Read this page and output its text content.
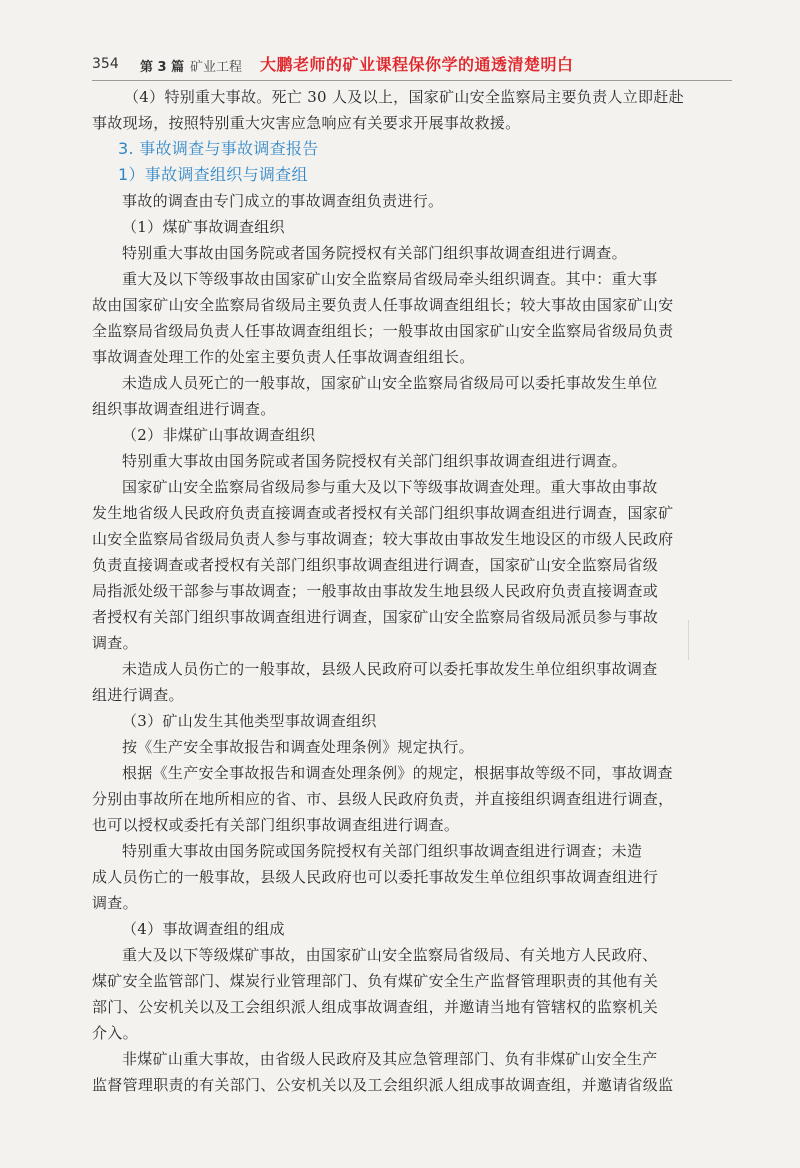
354 第 3 篇 矿业工程 大鹏老师的矿业课程保你学的通透清楚明白
（4）特别重大事故。死亡 30 人及以上，国家矿山安全监察局主要负责人立即赶赴
事故现场，按照特别重大灾害应急响应有关要求开展事故救援。
3. 事故调查与事故调查报告
1）事故调查组织与调查组
事故的调查由专门成立的事故调查组负责进行。
（1）煤矿事故调查组织
特别重大事故由国务院或者国务院授权有关部门组织事故调查组进行调查。
重大及以下等级事故由国家矿山安全监察局省级局牵头组织调查。其中：重大事
故由国家矿山安全监察局省级局主要负责人任事故调查组组长；较大事故由国家矿山安
全监察局省级局负责人任事故调查组组长；一般事故由国家矿山安全监察局省级局负责
事故调查处理工作的处室主要负责人任事故调查组组长。
未造成人员死亡的一般事故，国家矿山安全监察局省级局可以委托事故发生单位
组织事故调查组进行调查。
（2）非煤矿山事故调查组织
特别重大事故由国务院或者国务院授权有关部门组织事故调查组进行调查。
国家矿山安全监察局省级局参与重大及以下等级事故调查处理。重大事故由事故
发生地省级人民政府负责直接调查或者授权有关部门组织事故调查组进行调查，国家矿
山安全监察局省级局负责人参与事故调查；较大事故由事故发生地设区的市级人民政府
负责直接调查或者授权有关部门组织事故调查组进行调查，国家矿山安全监察局省级
局指派处级干部参与事故调查；一般事故由事故发生地县级人民政府负责直接调查或
者授权有关部门组织事故调查组进行调查，国家矿山安全监察局省级局派员参与事故
调查。
未造成人员伤亡的一般事故，县级人民政府可以委托事故发生单位组织事故调查
组进行调查。
（3）矿山发生其他类型事故调查组织
按《生产安全事故报告和调查处理条例》规定执行。
根据《生产安全事故报告和调查处理条例》的规定，根据事故等级不同，事故调查
分别由事故所在地所相应的省、市、县级人民政府负责，并直接组织调查组进行调查，
也可以授权或委托有关部门组织事故调查组进行调查。
特别重大事故由国务院或国务院授权有关部门组织事故调查组进行调查；未造
成人员伤亡的一般事故，县级人民政府也可以委托事故发生单位组织事故调查组进行
调查。
（4）事故调查组的组成
重大及以下等级煤矿事故，由国家矿山安全监察局省级局、有关地方人民政府、
煤矿安全监管部门、煤炭行业管理部门、负有煤矿安全生产监督管理职责的其他有关
部门、公安机关以及工会组织派人组成事故调查组，并邀请当地有管辖权的监察机关
介入。
非煤矿山重大事故，由省级人民政府及其应急管理部门、负有非煤矿山安全生产
监督管理职责的有关部门、公安机关以及工会组织派人组成事故调查组，并邀请省级监
